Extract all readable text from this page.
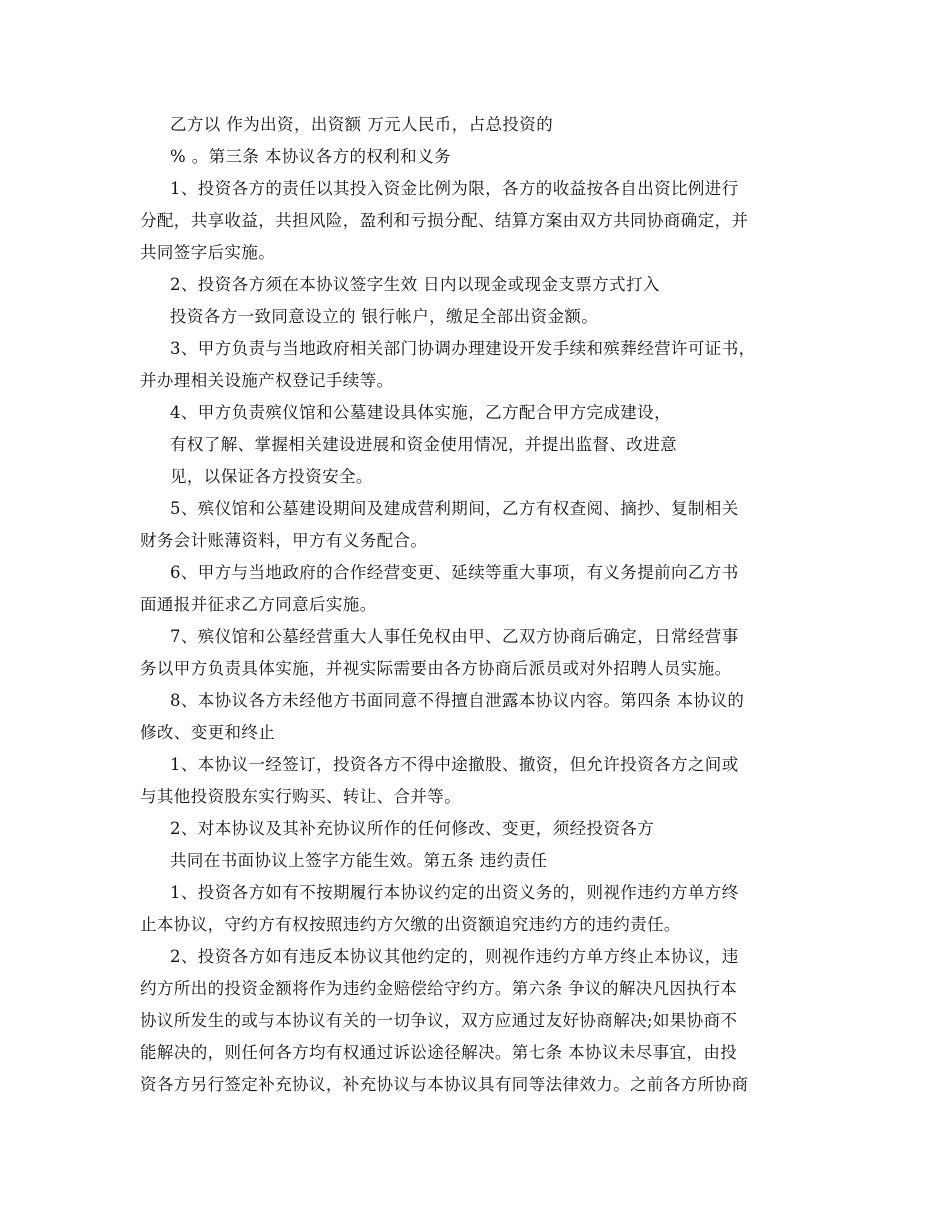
乙方以 作为出资，出资额 万元人民币，占总投资的
% 。第三条 本协议各方的权利和义务
1、投资各方的责任以其投入资金比例为限，各方的收益按各自出资比例进行
分配，共享收益，共担风险，盈利和亏损分配、结算方案由双方共同协商确定，并
共同签字后实施。
2、投资各方须在本协议签字生效 日内以现金或现金支票方式打入
投资各方一致同意设立的 银行帐户，缴足全部出资金额。
3、甲方负责与当地政府相关部门协调办理建设开发手续和殡葬经营许可证书，
并办理相关设施产权登记手续等。
4、甲方负责殡仪馆和公墓建设具体实施，乙方配合甲方完成建设，
有权了解、掌握相关建设进展和资金使用情况，并提出监督、改进意
见，以保证各方投资安全。
5、殡仪馆和公墓建设期间及建成营利期间，乙方有权查阅、摘抄、复制相关
财务会计账薄资料，甲方有义务配合。
6、甲方与当地政府的合作经营变更、延续等重大事项，有义务提前向乙方书
面通报并征求乙方同意后实施。
7、殡仪馆和公墓经营重大人事任免权由甲、乙双方协商后确定，日常经营事
务以甲方负责具体实施，并视实际需要由各方协商后派员或对外招聘人员实施。
8、本协议各方未经他方书面同意不得擅自泄露本协议内容。第四条 本协议的
修改、变更和终止
1、本协议一经签订，投资各方不得中途撤股、撤资，但允许投资各方之间或
与其他投资股东实行购买、转让、合并等。
2、对本协议及其补充协议所作的任何修改、变更，须经投资各方
共同在书面协议上签字方能生效。第五条 违约责任
1、投资各方如有不按期履行本协议约定的出资义务的，则视作违约方单方终
止本协议，守约方有权按照违约方欠缴的出资额追究违约方的违约责任。
2、投资各方如有违反本协议其他约定的，则视作违约方单方终止本协议，违
约方所出的投资金额将作为违约金赔偿给守约方。第六条 争议的解决凡因执行本
协议所发生的或与本协议有关的一切争议，双方应通过友好协商解决;如果协商不
能解决的，则任何各方均有权通过诉讼途径解决。第七条 本协议未尽事宜，由投
资各方另行签定补充协议，补充协议与本协议具有同等法律效力。之前各方所协商
